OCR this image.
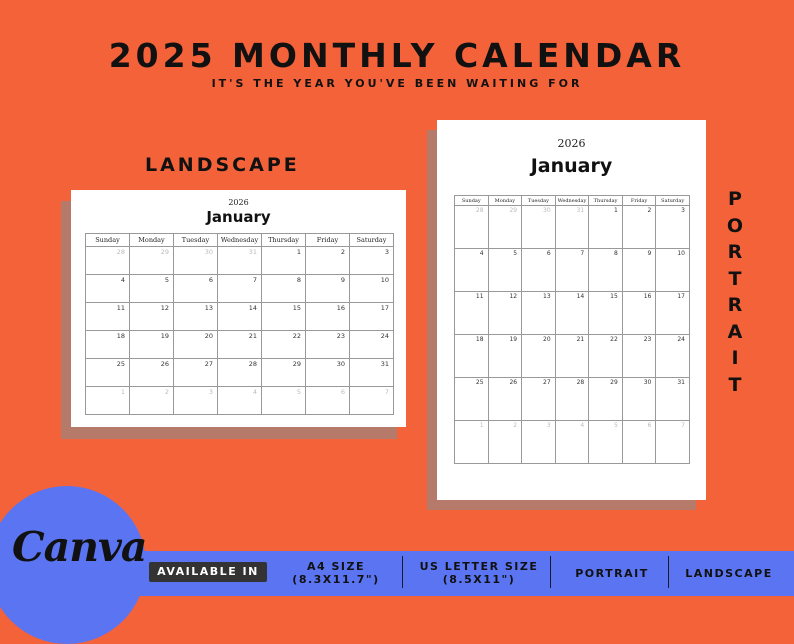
2025 MONTHLY CALENDAR
IT'S THE YEAR YOU'VE BEEN WAITING FOR
LANDSCAPE
P
O
R
T
R
A
I
T
2026
January
Sunday	Monday	Tuesday	Wednesday	Thursday	Friday	Saturday

28	29	30	31	1	2	3

4	5	6	7	8	9	10

11	12	13	14	15	16	17

18	19	20	21	22	23	24

25	26	27	28	29	30	31

1	2	3	4	5	6	7
2026
January
Sunday	Monday	Tuesday	Wednesday	Thursday	Friday	Saturday

28	29	30	31	1	2	3

4	5	6	7	8	9	10

11	12	13	14	15	16	17

18	19	20	21	22	23	24

25	26	27	28	29	30	31

1	2	3	4	5	6	7
Canva
AVAILABLE IN	A4 SIZE
(8.3X11.7")
US LETTER SIZE
(8.5X11")	PORTRAIT	LANDSCAPE
